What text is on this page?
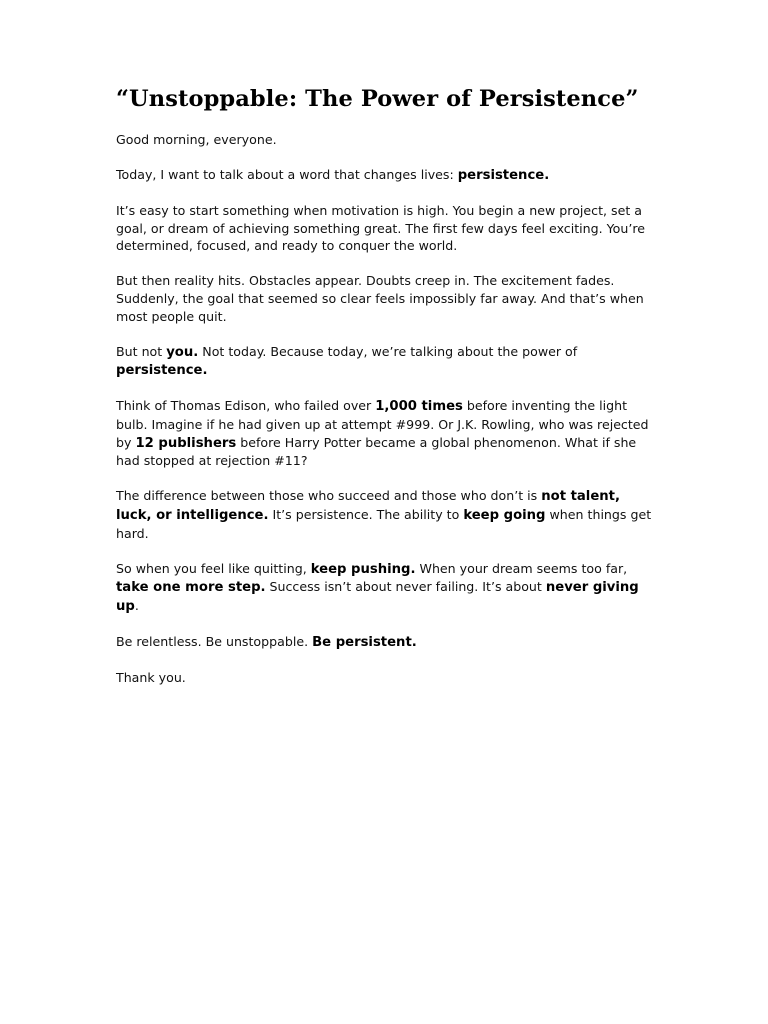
“Unstoppable: The Power of Persistence”

Good morning, everyone.

Today, I want to talk about a word that changes lives: persistence.

It’s easy to start something when motivation is high. You begin a new project, set a goal, or dream of achieving something great. The first few days feel exciting. You’re determined, focused, and ready to conquer the world.

But then reality hits. Obstacles appear. Doubts creep in. The excitement fades. Suddenly, the goal that seemed so clear feels impossibly far away. And that’s when most people quit.

But not you. Not today. Because today, we’re talking about the power of persistence.

Think of Thomas Edison, who failed over 1,000 times before inventing the light bulb. Imagine if he had given up at attempt #999. Or J.K. Rowling, who was rejected by 12 publishers before Harry Potter became a global phenomenon. What if she had stopped at rejection #11?

The difference between those who succeed and those who don’t is not talent, luck, or intelligence. It’s persistence. The ability to keep going when things get hard.

So when you feel like quitting, keep pushing. When your dream seems too far, take one more step. Success isn’t about never failing. It’s about never giving up.

Be relentless. Be unstoppable. Be persistent.

Thank you.
